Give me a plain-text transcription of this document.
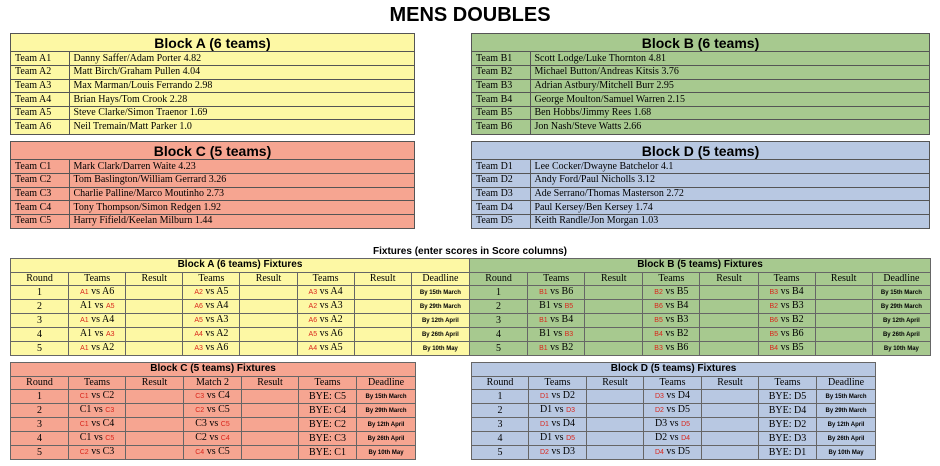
MENS DOUBLES
Block A (6 teams)
Team A1	Danny Saffer/Adam Porter 4.82
Team A2	Matt Birch/Graham Pullen 4.04
Team A3	Max Marman/Louis Ferrando 2.98
Team A4	Brian Hays/Tom Crook 2.28
Team A5	Steve Clarke/Simon Traenor 1.69
Team A6	Neil Tremain/Matt Parker 1.0
Block B (6 teams)
Team B1	Scott Lodge/Luke Thornton 4.81
Team B2	Michael Button/Andreas Kitsis 3.76
Team B3	Adrian Astbury/Mitchell Burr 2.95
Team B4	George Moulton/Samuel Warren 2.15
Team B5	Ben Hobbs/Jimmy Rees 1.68
Team B6	Jon Nash/Steve Watts 2.66
Block C (5 teams)
Team C1	Mark Clark/Darren Waite 4.23
Team C2	Tom Baslington/William Gerrard 3.26
Team C3	Charlie Palline/Marco Moutinho 2.73
Team C4	Tony Thompson/Simon Redgen 1.92
Team C5	Harry Fifield/Keelan Milburn 1.44
Block D (5 teams)
Team D1	Lee Cocker/Dwayne Batchelor 4.1
Team D2	Andy Ford/Paul Nicholls 3.12
Team D3	Ade Serrano/Thomas Masterson 2.72
Team D4	Paul Kersey/Ben Kersey 1.74
Team D5	Keith Randle/Jon Morgan 1.03
Fixtures (enter scores in Score columns)
Block A (6 teams) Fixtures								Block B (5 teams) Fixtures							
Round	Teams	Result	Teams	Result	Teams	Result	Deadline	Round	Teams	Result	Teams	Result	Teams	Result	Deadline
1	A1 vs A6		A2 vs A5		A3 vs A4		By 15th March	1	B1 vs B6		B2 vs B5		B3 vs B4		By 15th March
2	A1 vs A5		A6 vs A4		A2 vs A3		By 29th March	2	B1 vs B5		B6 vs B4		B2 vs B3		By 29th March
3	A1 vs A4		A5 vs A3		A6 vs A2		By 12th April	3	B1 vs B4		B5 vs B3		B6 vs B2		By 12th April
4	A1 vs A3		A4 vs A2		A5 vs A6		By 26th April	4	B1 vs B3		B4 vs B2		B5 vs B6		By 26th April
5	A1 vs A2		A3 vs A6		A4 vs A5		By 10th May	5	B1 vs B2		B3 vs B6		B4 vs B5		By 10th May
Block C (5 teams) Fixtures						
Round	Teams	Result	Match 2	Result	Teams	Deadline
1	C1 vs C2		C3 vs C4		BYE: C5	By 15th March
2	C1 vs C3		C2 vs C5		BYE: C4	By 29th March
3	C1 vs C4		C3 vs C5		BYE: C2	By 12th April
4	C1 vs C5		C2 vs C4		BYE: C3	By 26th April
5	C2 vs C3		C4 vs C5		BYE: C1	By 10th May
Block D (5 teams) Fixtures						
Round	Teams	Result	Teams	Result	Teams	Deadline
1	D1 vs D2		D3 vs D4		BYE: D5	By 15th March
2	D1 vs D3		D2 vs D5		BYE: D4	By 29th March
3	D1 vs D4		D3 vs D5		BYE: D2	By 12th April
4	D1 vs D5		D2 vs D4		BYE: D3	By 26th April
5	D2 vs D3		D4 vs D5		BYE: D1	By 10th May
